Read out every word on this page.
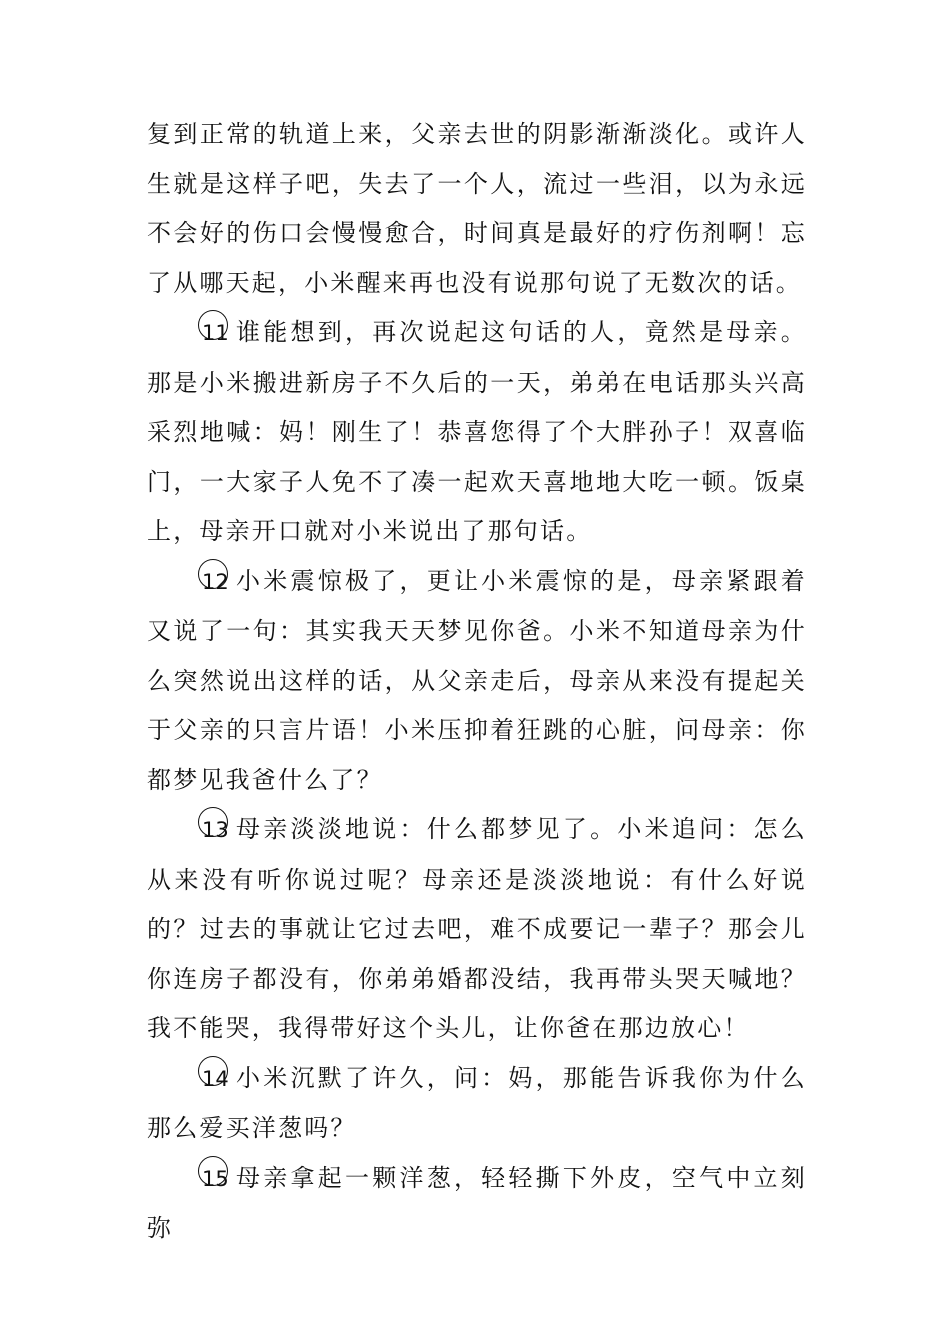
复到正常的轨道上来，父亲去世的阴影渐渐淡化。或许人生就是这样子吧，失去了一个人，流过一些泪，以为永远不会好的伤口会慢慢愈合，时间真是最好的疗伤剂啊！忘了从哪天起，小米醒来再也没有说那句说了无数次的话。

11 谁能想到，再次说起这句话的人，竟然是母亲。那是小米搬进新房子不久后的一天，弟弟在电话那头兴高采烈地喊：妈！刚生了！恭喜您得了个大胖孙子！双喜临门，一大家子人免不了凑一起欢天喜地地大吃一顿。饭桌上，母亲开口就对小米说出了那句话。

12 小米震惊极了，更让小米震惊的是，母亲紧跟着又说了一句：其实我天天梦见你爸。小米不知道母亲为什么突然说出这样的话，从父亲走后，母亲从来没有提起关于父亲的只言片语！小米压抑着狂跳的心脏，问母亲：你都梦见我爸什么了？

13 母亲淡淡地说：什么都梦见了。小米追问：怎么从来没有听你说过呢？母亲还是淡淡地说：有什么好说的？过去的事就让它过去吧，难不成要记一辈子？那会儿你连房子都没有，你弟弟婚都没结，我再带头哭天喊地？我不能哭，我得带好这个头儿，让你爸在那边放心！

14 小米沉默了许久，问：妈，那能告诉我你为什么那么爱买洋葱吗？

15 母亲拿起一颗洋葱，轻轻撕下外皮，空气中立刻弥
